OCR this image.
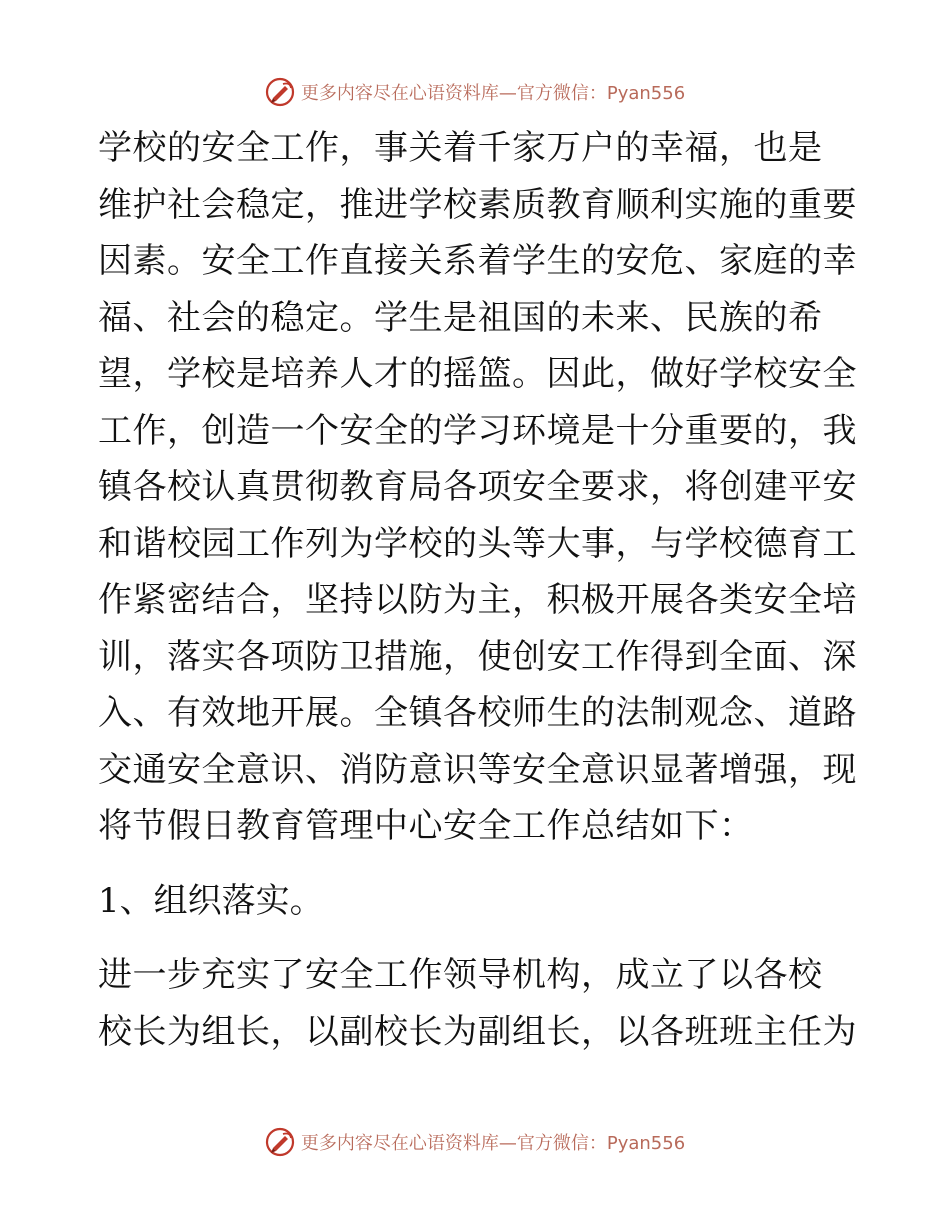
更多内容尽在心语资料库—官方微信：Pyan556
学校的安全工作，事关着千家万户的幸福，也是
维护社会稳定，推进学校素质教育顺利实施的重要
因素。安全工作直接关系着学生的安危、家庭的幸
福、社会的稳定。学生是祖国的未来、民族的希
望，学校是培养人才的摇篮。因此，做好学校安全
工作，创造一个安全的学习环境是十分重要的，我
镇各校认真贯彻教育局各项安全要求，将创建平安
和谐校园工作列为学校的头等大事，与学校德育工
作紧密结合，坚持以防为主，积极开展各类安全培
训，落实各项防卫措施，使创安工作得到全面、深
入、有效地开展。全镇各校师生的法制观念、道路
交通安全意识、消防意识等安全意识显著增强，现
将节假日教育管理中心安全工作总结如下：
1、组织落实。
进一步充实了安全工作领导机构，成立了以各校
校长为组长，以副校长为副组长，以各班班主任为
更多内容尽在心语资料库—官方微信：Pyan556
